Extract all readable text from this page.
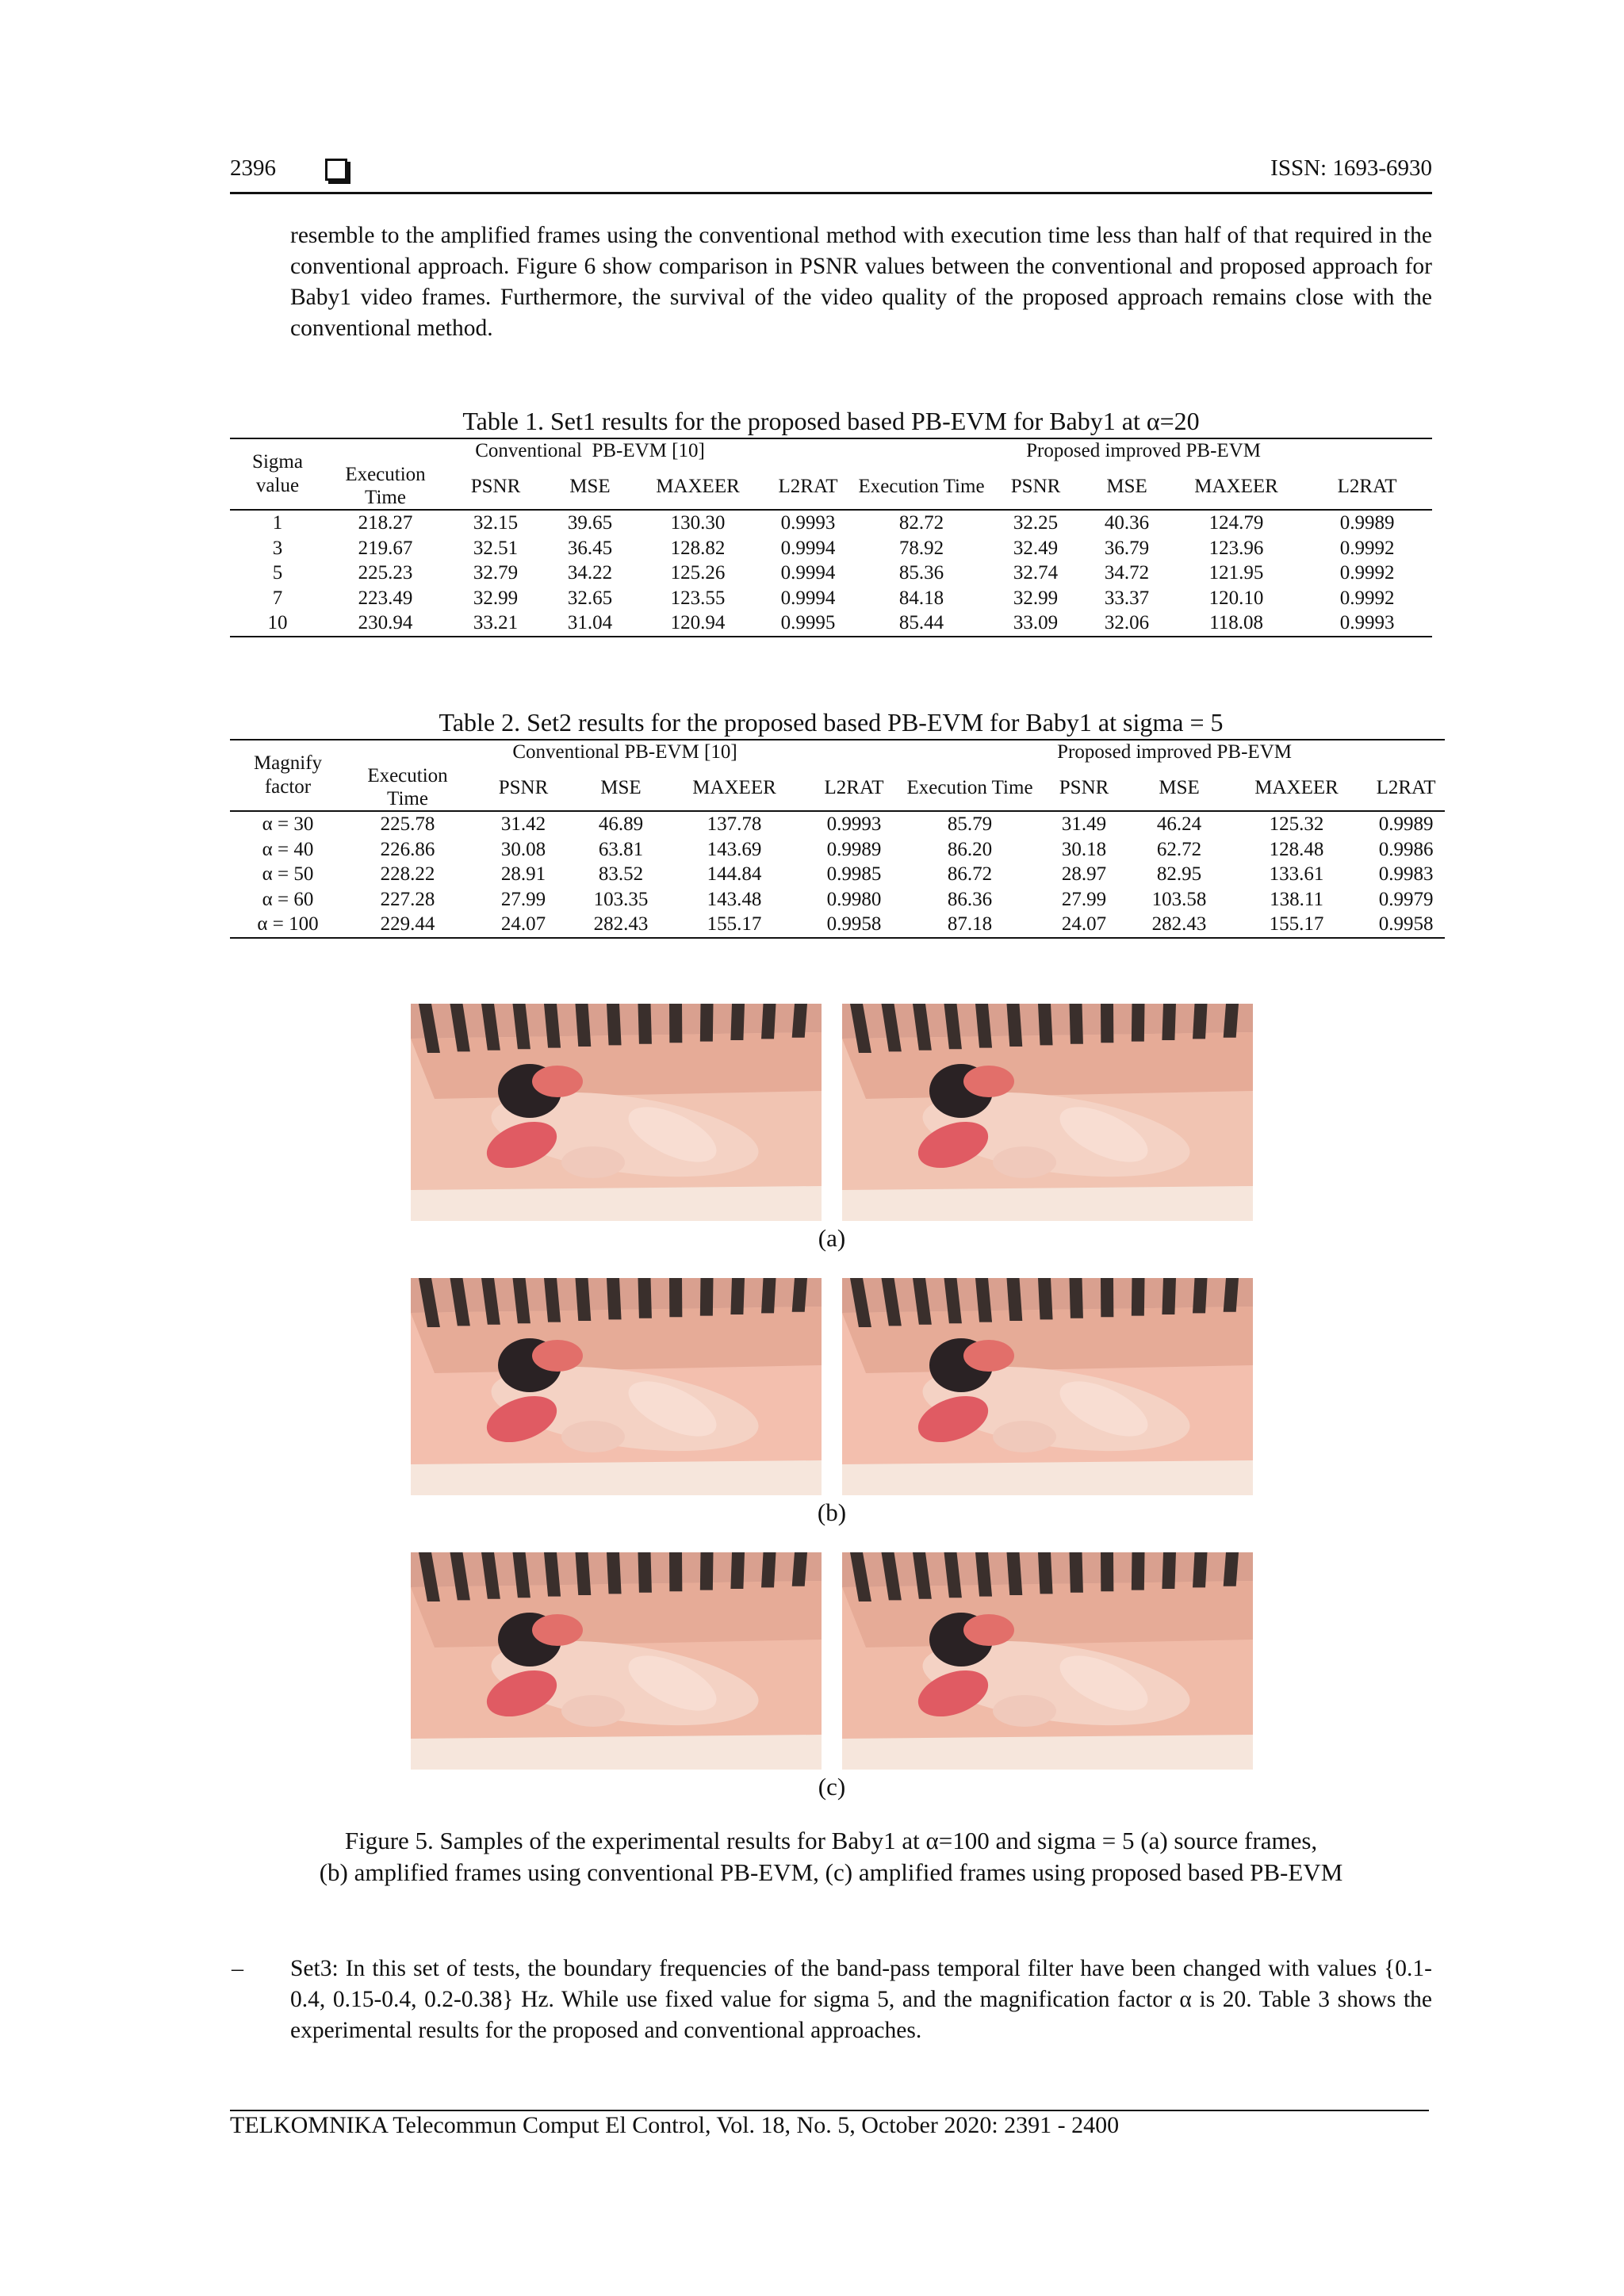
2396	ISSN: 1693-6930
resemble to the amplified frames using the conventional method with execution time less than half of that required in the conventional approach. Figure 6 show comparison in PSNR values between the conventional and proposed approach for Baby1 video frames. Furthermore, the survival of the video quality of the proposed approach remains close with the conventional method.
Table 1. Set1 results for the proposed based PB-EVM for Baby1 at α=20
Sigma value	Conventional  PB-EVM [10]					Proposed improved PB-EVM				
	Execution Time	PSNR	MSE	MAXEER	L2RAT	Execution Time	PSNR	MSE	MAXEER	L2RAT
1	218.27	32.15	39.65	130.30	0.9993	82.72	32.25	40.36	124.79	0.9989
3	219.67	32.51	36.45	128.82	0.9994	78.92	32.49	36.79	123.96	0.9992
5	225.23	32.79	34.22	125.26	0.9994	85.36	32.74	34.72	121.95	0.9992
7	223.49	32.99	32.65	123.55	0.9994	84.18	32.99	33.37	120.10	0.9992
10	230.94	33.21	31.04	120.94	0.9995	85.44	33.09	32.06	118.08	0.9993
Table 2. Set2 results for the proposed based PB-EVM for Baby1 at sigma = 5
Magnify factor	Conventional PB-EVM [10]					Proposed improved PB-EVM				
	Execution Time	PSNR	MSE	MAXEER	L2RAT	Execution Time	PSNR	MSE	MAXEER	L2RAT
α = 30	225.78	31.42	46.89	137.78	0.9993	85.79	31.49	46.24	125.32	0.9989
α = 40	226.86	30.08	63.81	143.69	0.9989	86.20	30.18	62.72	128.48	0.9986
α = 50	228.22	28.91	83.52	144.84	0.9985	86.72	28.97	82.95	133.61	0.9983
α = 60	227.28	27.99	103.35	143.48	0.9980	86.36	27.99	103.58	138.11	0.9979
α = 100	229.44	24.07	282.43	155.17	0.9958	87.18	24.07	282.43	155.17	0.9958
(a)
(b)
(c)
Figure 5. Samples of the experimental results for Baby1 at α=100 and sigma = 5 (a) source frames,
(b) amplified frames using conventional PB-EVM, (c) amplified frames using proposed based PB-EVM
– Set3: In this set of tests, the boundary frequencies of the band-pass temporal filter have been changed with values {0.1-0.4, 0.15-0.4, 0.2-0.38} Hz. While use fixed value for sigma 5, and the magnification factor α is 20. Table 3 shows the experimental results for the proposed and conventional approaches.
TELKOMNIKA Telecommun Comput El Control, Vol. 18, No. 5, October 2020: 2391 - 2400
